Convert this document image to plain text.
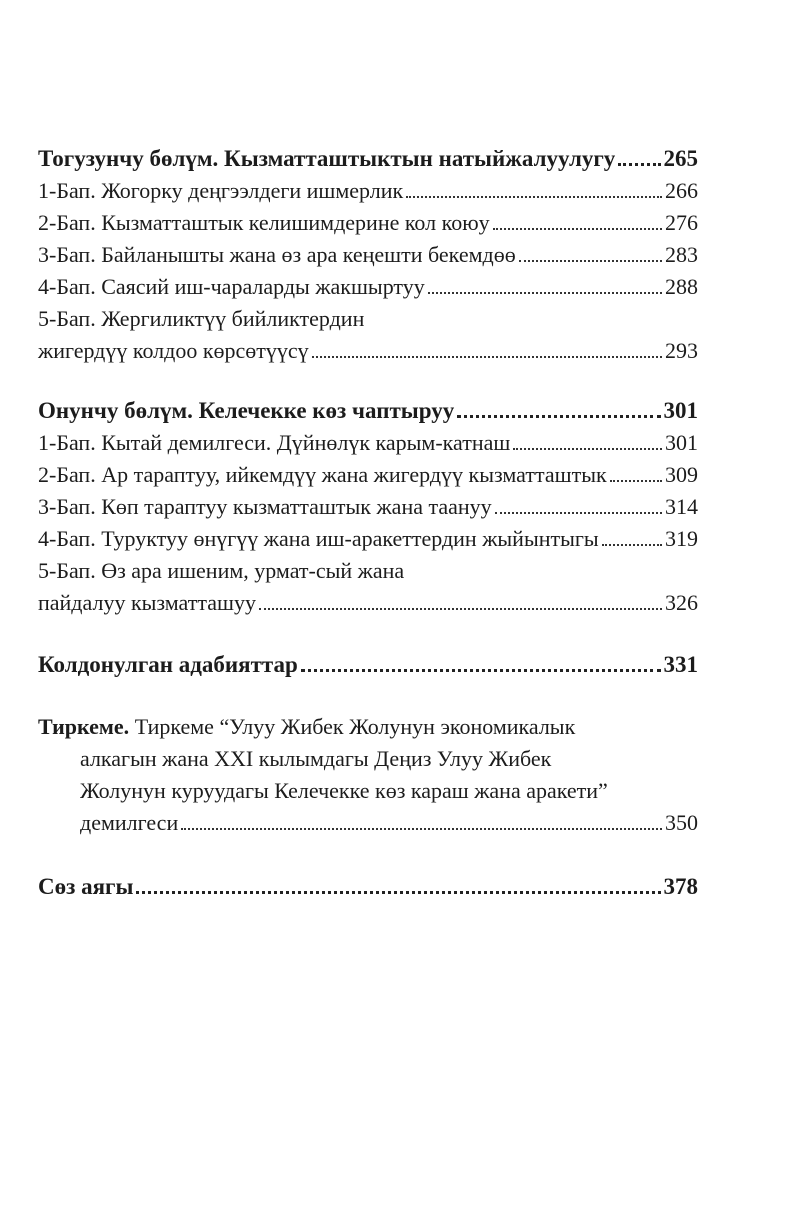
Тогузунчу бөлүм. Кызматташтыктын натыйжалуулугу 265
1-Бап. Жогорку деңгээлдеги ишмерлик	266
2-Бап. Кызматташтык келишимдерине кол коюу	276
3-Бап. Байланышты жана өз ара кеңешти бекемдөө	283
4-Бап. Саясий иш-чараларды жакшыртуу	288
5-Бап. Жергиликтүү бийликтердин
жигердүү колдоо көрсөтүүсү	293
Онунчу бөлүм. Келечекке көз чаптыруу	301
1-Бап. Кытай демилгеси. Дүйнөлүк карым-катнаш	301
2-Бап. Ар тараптуу, ийкемдүү жана жигердүү кызматташтык	309
3-Бап. Көп тараптуу кызматташтык жана таануу	314
4-Бап. Туруктуу өнүгүү жана иш-аракеттердин жыйынтыгы	319
5-Бап. Өз ара ишеним, урмат-сый жана
пайдалуу кызматташуу	326
Колдонулган адабияттар	331
Тиркеме. Тиркеме “Улуу Жибек Жолунун экономикалык
алкагын жана XXI кылымдагы Деңиз Улуу Жибек
Жолунун куруудагы Келечекке көз караш жана аракети”
демилгеси	350
Сөз аягы	378
